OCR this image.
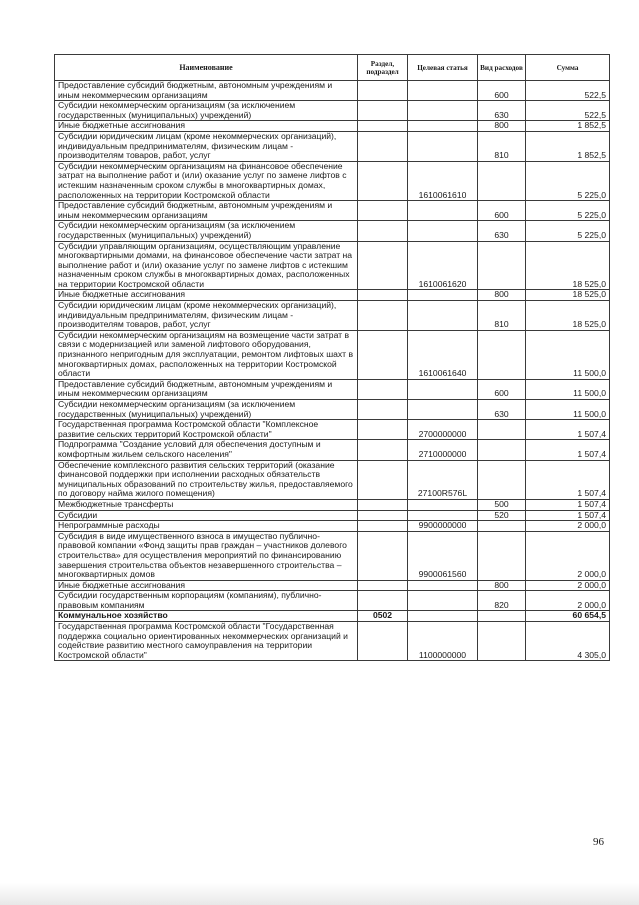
Наименование	Раздел, подраздел	Целевая статья	Вид расходов	Сумма
Предоставление субсидий бюджетным, автономным учреждениям и иным некоммерческим организациям			600	522,5
Субсидии некоммерческим организациям (за исключением государственных (муниципальных) учреждений)			630	522,5
Иные бюджетные ассигнования			800	1 852,5
Субсидии юридическим лицам (кроме некоммерческих организаций), индивидуальным предпринимателям, физическим лицам - производителям товаров, работ, услуг			810	1 852,5
Субсидии некоммерческим организациям на финансовое обеспечение затрат на выполнение работ и (или) оказание услуг по замене лифтов с истекшим назначенным сроком службы в многоквартирных домах, расположенных на территории Костромской области		1610061610		5 225,0
Предоставление субсидий бюджетным, автономным учреждениям и иным некоммерческим организациям			600	5 225,0
Субсидии некоммерческим организациям (за исключением государственных (муниципальных) учреждений)			630	5 225,0
Субсидии управляющим организациям, осуществляющим управление многоквартирными домами, на финансовое обеспечение части затрат на выполнение работ и (или) оказание услуг по замене лифтов с истекшим назначенным сроком службы в многоквартирных домах, расположенных на территории Костромской области		1610061620		18 525,0
Иные бюджетные ассигнования			800	18 525,0
Субсидии юридическим лицам (кроме некоммерческих организаций), индивидуальным предпринимателям, физическим лицам - производителям товаров, работ, услуг			810	18 525,0
Субсидии некоммерческим организациям на возмещение части затрат в связи с модернизацией или заменой лифтового оборудования, признанного непригодным для эксплуатации, ремонтом лифтовых шахт в многоквартирных домах, расположенных на территории Костромской области		1610061640		11 500,0
Предоставление субсидий бюджетным, автономным учреждениям и иным некоммерческим организациям			600	11 500,0
Субсидии некоммерческим организациям (за исключением государственных (муниципальных) учреждений)			630	11 500,0
Государственная программа Костромской области "Комплексное развитие сельских территорий Костромской области"		2700000000		1 507,4
Подпрограмма "Создание условий для обеспечения доступным и комфортным жильем сельского населения"		2710000000		1 507,4
Обеспечение комплексного развития сельских территорий (оказание финансовой поддержки при исполнении расходных обязательств муниципальных образований по строительству жилья, предоставляемого по договору найма жилого помещения)		27100R576L		1 507,4
Межбюджетные трансферты			500	1 507,4
Субсидии			520	1 507,4
Непрограммные расходы		9900000000		2 000,0
Субсидия в виде имущественного взноса в имущество публично-правовой компании «Фонд защиты прав граждан – участников долевого строительства» для осуществления мероприятий по финансированию завершения строительства объектов незавершенного строительства – многоквартирных домов		9900061560		2 000,0
Иные бюджетные ассигнования			800	2 000,0
Субсидии государственным корпорациям (компаниям), публично-правовым компаниям			820	2 000,0
Коммунальное хозяйство	0502			60 654,5
Государственная программа Костромской области "Государственная поддержка социально ориентированных некоммерческих организаций и содействие развитию местного самоуправления на территории Костромской области"		1100000000		4 305,0
96
